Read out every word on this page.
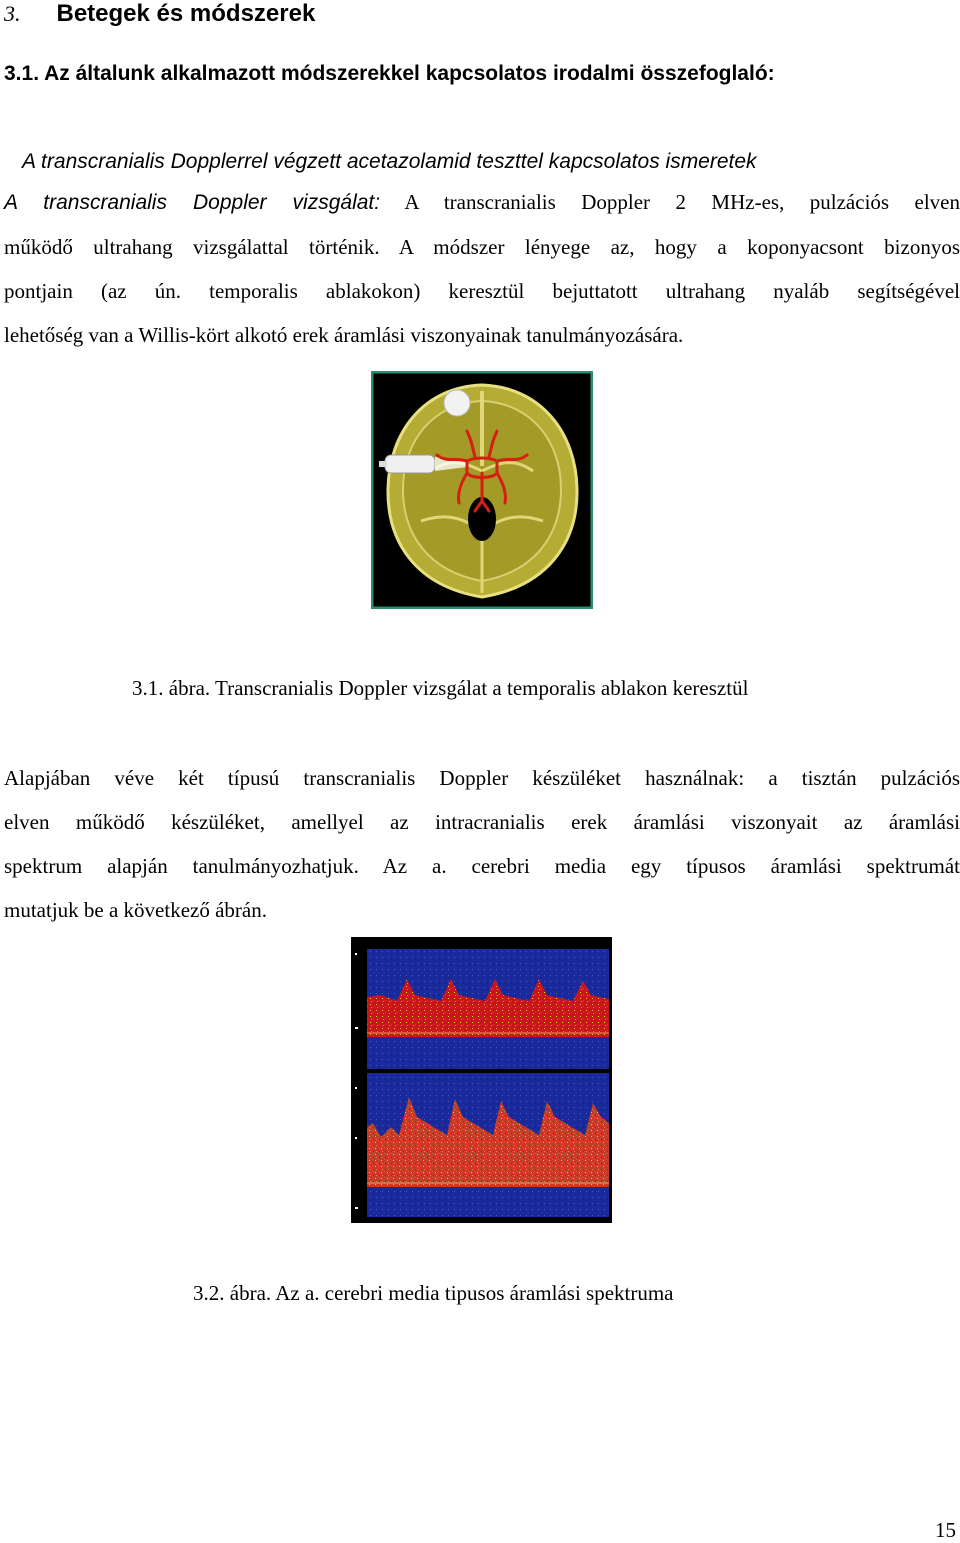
3. Betegek és módszerek
3.1. Az általunk alkalmazott módszerekkel kapcsolatos irodalmi összefoglaló:
A transcranialis Dopplerrel végzett acetazolamid teszttel kapcsolatos ismeretek
A transcranialis Doppler vizsgálat: A transcranialis Doppler 2 MHz-es, pulzációs elven
működő ultrahang vizsgálattal történik. A módszer lényege az, hogy a koponyacsont bizonyos
pontjain (az ún. temporalis ablakokon) keresztül bejuttatott ultrahang nyaláb segítségével
lehetőség van a Willis-kört alkotó erek áramlási viszonyainak tanulmányozására.
3.1. ábra. Transcranialis Doppler vizsgálat a temporalis ablakon keresztül
Alapjában véve két típusú transcranialis Doppler készüléket használnak: a tisztán pulzációs
elven működő készüléket, amellyel az intracranialis erek áramlási viszonyait az áramlási
spektrum alapján tanulmányozhatjuk. Az a. cerebri media egy típusos áramlási spektrumát
mutatjuk be a következő ábrán.
3.2. ábra. Az a. cerebri media tipusos áramlási spektruma
15
